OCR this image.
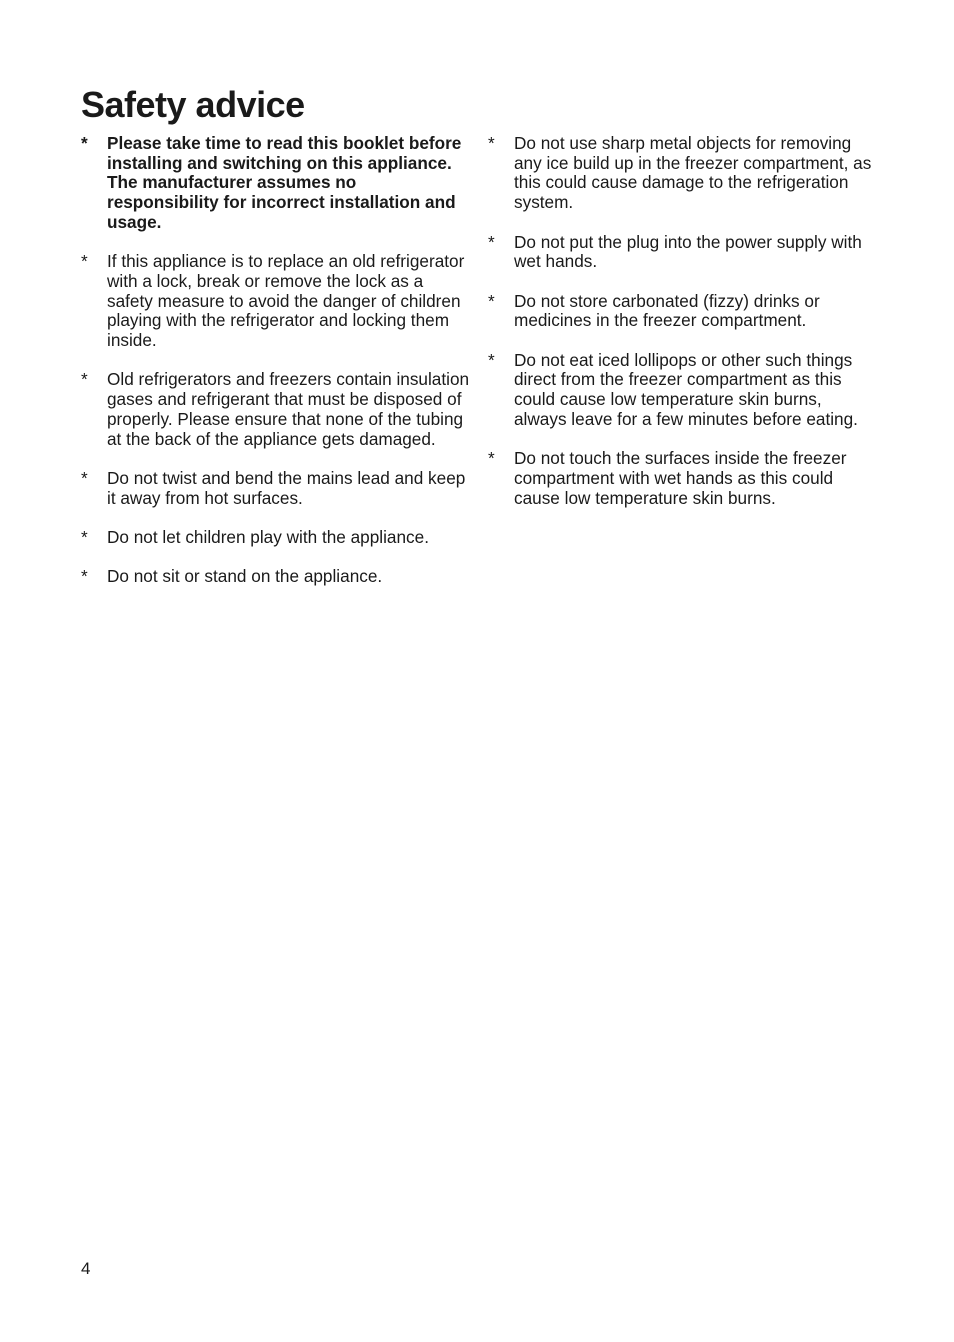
Safety advice
* Please take time to read this booklet before installing and switching on this appliance. The manufacturer assumes no responsibility for incorrect installation and usage.
* If this appliance is to replace an old refrigerator with a lock, break or remove the lock as a safety measure to avoid the danger of children playing with the refrigerator and locking them inside.
* Old refrigerators and freezers contain insulation gases and refrigerant that must be disposed of properly. Please ensure that none of the tubing at the back of the appliance gets damaged.
* Do not twist and bend the mains lead and keep it away from hot surfaces.
* Do not let children play with the appliance.
* Do not sit or stand on the appliance.
* Do not use sharp metal objects for removing any ice build up in the freezer compartment, as this could cause damage to the refrigeration system.
* Do not put the plug into the power supply with wet hands.
* Do not store carbonated (fizzy) drinks or medicines in the freezer compartment.
* Do not eat iced lollipops or other such things direct from the freezer compartment as this could cause low temperature skin burns, always leave for a few minutes before eating.
* Do not touch the surfaces inside the freezer compartment with wet hands as this could cause low temperature skin burns.
4
